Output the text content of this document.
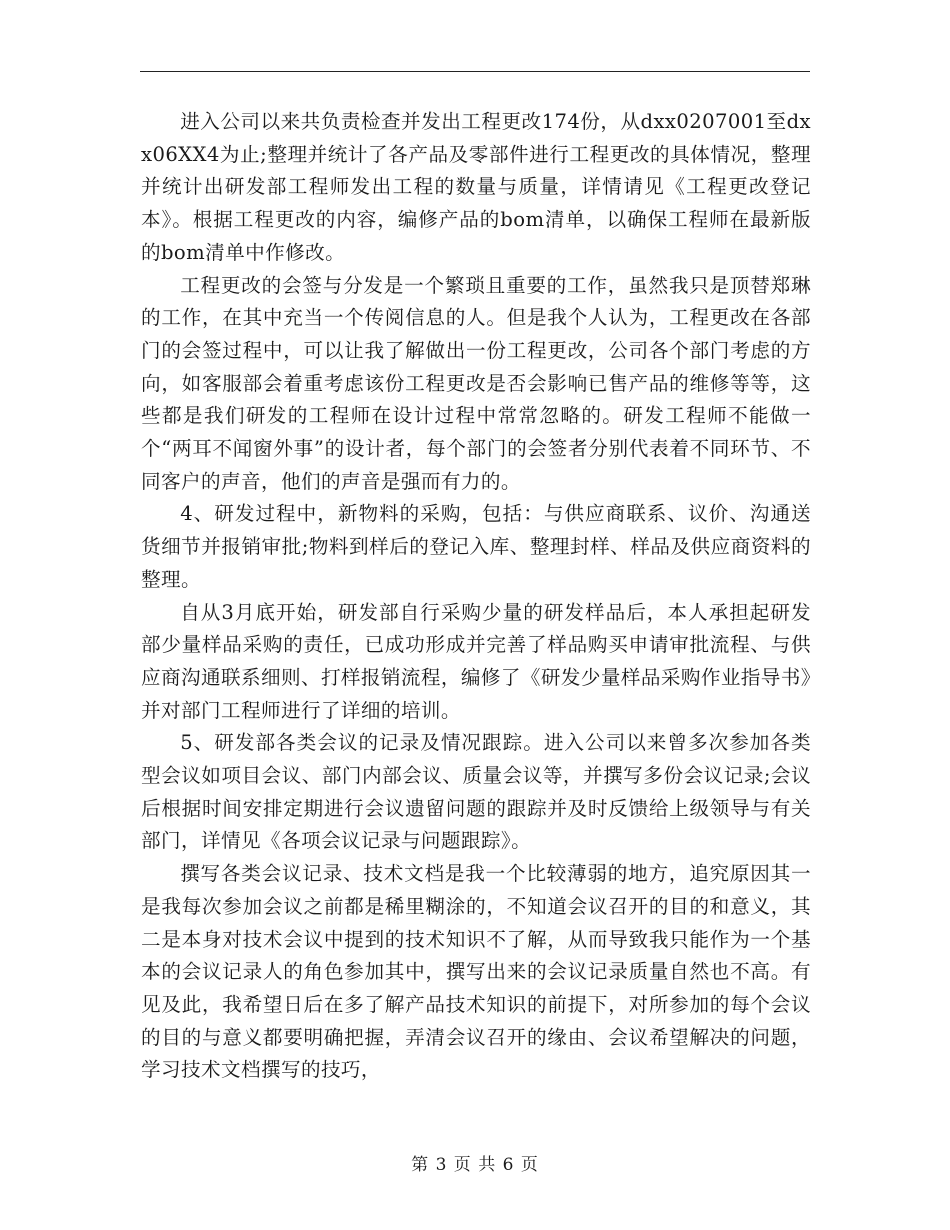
进入公司以来共负责检查并发出工程更改174份，从dxx0207001至dxx06XX4为止;整理并统计了各产品及零部件进行工程更改的具体情况，整理并统计出研发部工程师发出工程的数量与质量，详情请见《工程更改登记本》。根据工程更改的内容，编修产品的bom清单，以确保工程师在最新版的bom清单中作修改。

工程更改的会签与分发是一个繁琐且重要的工作，虽然我只是顶替郑琳的工作，在其中充当一个传阅信息的人。但是我个人认为，工程更改在各部门的会签过程中，可以让我了解做出一份工程更改，公司各个部门考虑的方向，如客服部会着重考虑该份工程更改是否会影响已售产品的维修等等，这些都是我们研发的工程师在设计过程中常常忽略的。研发工程师不能做一个“两耳不闻窗外事”的设计者，每个部门的会签者分别代表着不同环节、不同客户的声音，他们的声音是强而有力的。

4、研发过程中，新物料的采购，包括：与供应商联系、议价、沟通送货细节并报销审批;物料到样后的登记入库、整理封样、样品及供应商资料的整理。

自从3月底开始，研发部自行采购少量的研发样品后，本人承担起研发部少量样品采购的责任，已成功形成并完善了样品购买申请审批流程、与供应商沟通联系细则、打样报销流程，编修了《研发少量样品采购作业指导书》并对部门工程师进行了详细的培训。

5、研发部各类会议的记录及情况跟踪。进入公司以来曾多次参加各类型会议如项目会议、部门内部会议、质量会议等，并撰写多份会议记录;会议后根据时间安排定期进行会议遗留问题的跟踪并及时反馈给上级领导与有关部门，详情见《各项会议记录与问题跟踪》。

撰写各类会议记录、技术文档是我一个比较薄弱的地方，追究原因其一是我每次参加会议之前都是稀里糊涂的，不知道会议召开的目的和意义，其二是本身对技术会议中提到的技术知识不了解，从而导致我只能作为一个基本的会议记录人的角色参加其中，撰写出来的会议记录质量自然也不高。有见及此，我希望日后在多了解产品技术知识的前提下，对所参加的每个会议的目的与意义都要明确把握，弄清会议召开的缘由、会议希望解决的问题，学习技术文档撰写的技巧，

第 3 页 共 6 页
